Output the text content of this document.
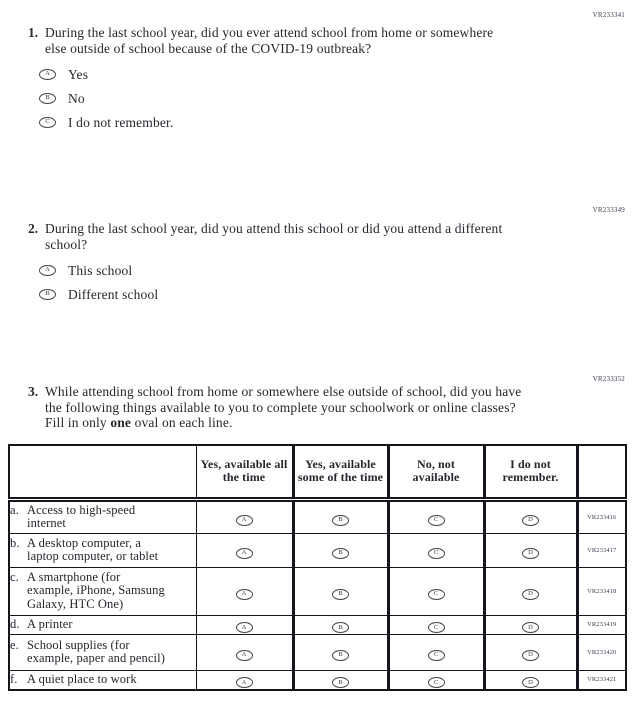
VR233341
VR233349
VR233352
1. During the last school year, did you ever attend school from home or somewhere
else outside of school because of the COVID-19 outbreak?
A Yes
B No
C I do not remember.
2. During the last school year, did you attend this school or did you attend a different
school?
A This school
B Different school
3. While attending school from home or somewhere else outside of school, did you have
the following things available to you to complete your schoolwork or online classes?
Fill in only one oval on each line.
	Yes, available all the time	Yes, available some of the time	No, not available	I do not remember.	

a. Access to high-speed
internet	A	B	C	D	VR233416

b. A desktop computer, a
laptop computer, or tablet	A	B	C	D	VR233417

c. A smartphone (for
example, iPhone, Samsung
Galaxy, HTC One)	A	B	C	D	VR233418

d. A printer	A	B	C	D	VR233419

e. School supplies (for
example, paper and pencil)	A	B	C	D	VR233420

f. A quiet place to work	A	B	C	D	VR233421
